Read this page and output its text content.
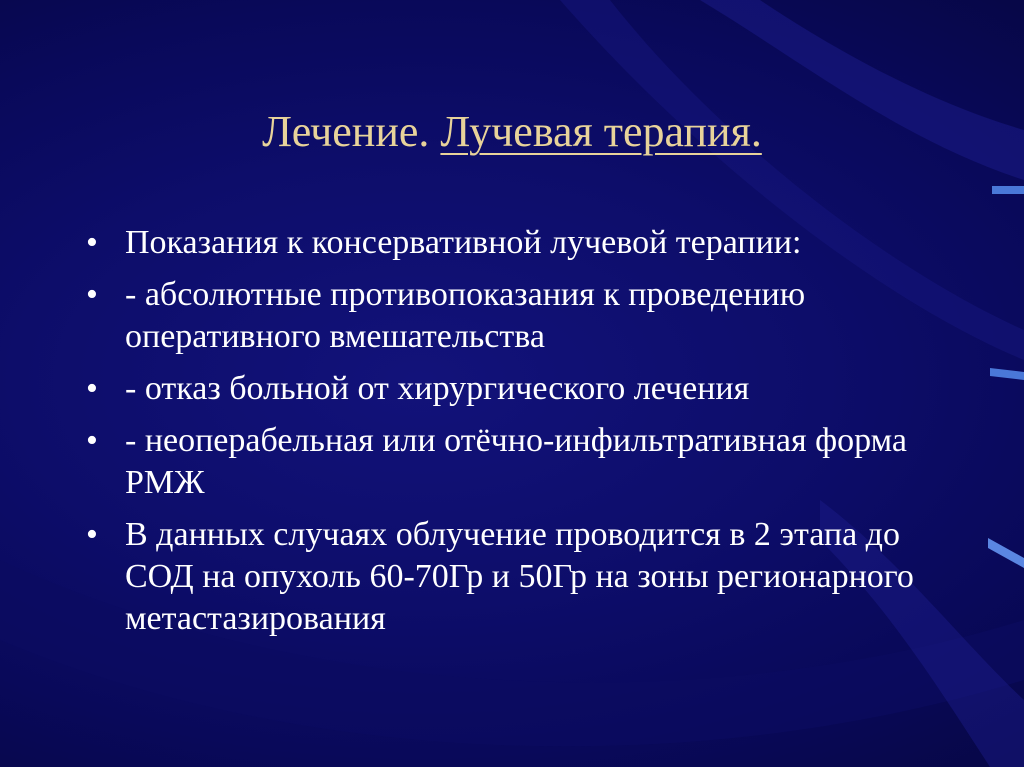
Лечение. Лучевая терапия.
• Показания к консервативной лучевой терапии:
• - абсолютные противопоказания к проведению оперативного вмешательства
• - отказ больной от хирургического лечения
• - неоперабельная или отёчно-инфильтративная форма РМЖ
• В данных случаях облучение проводится в 2 этапа до СОД на опухоль 60-70Гр и 50Гр на зоны регионарного метастазирования
